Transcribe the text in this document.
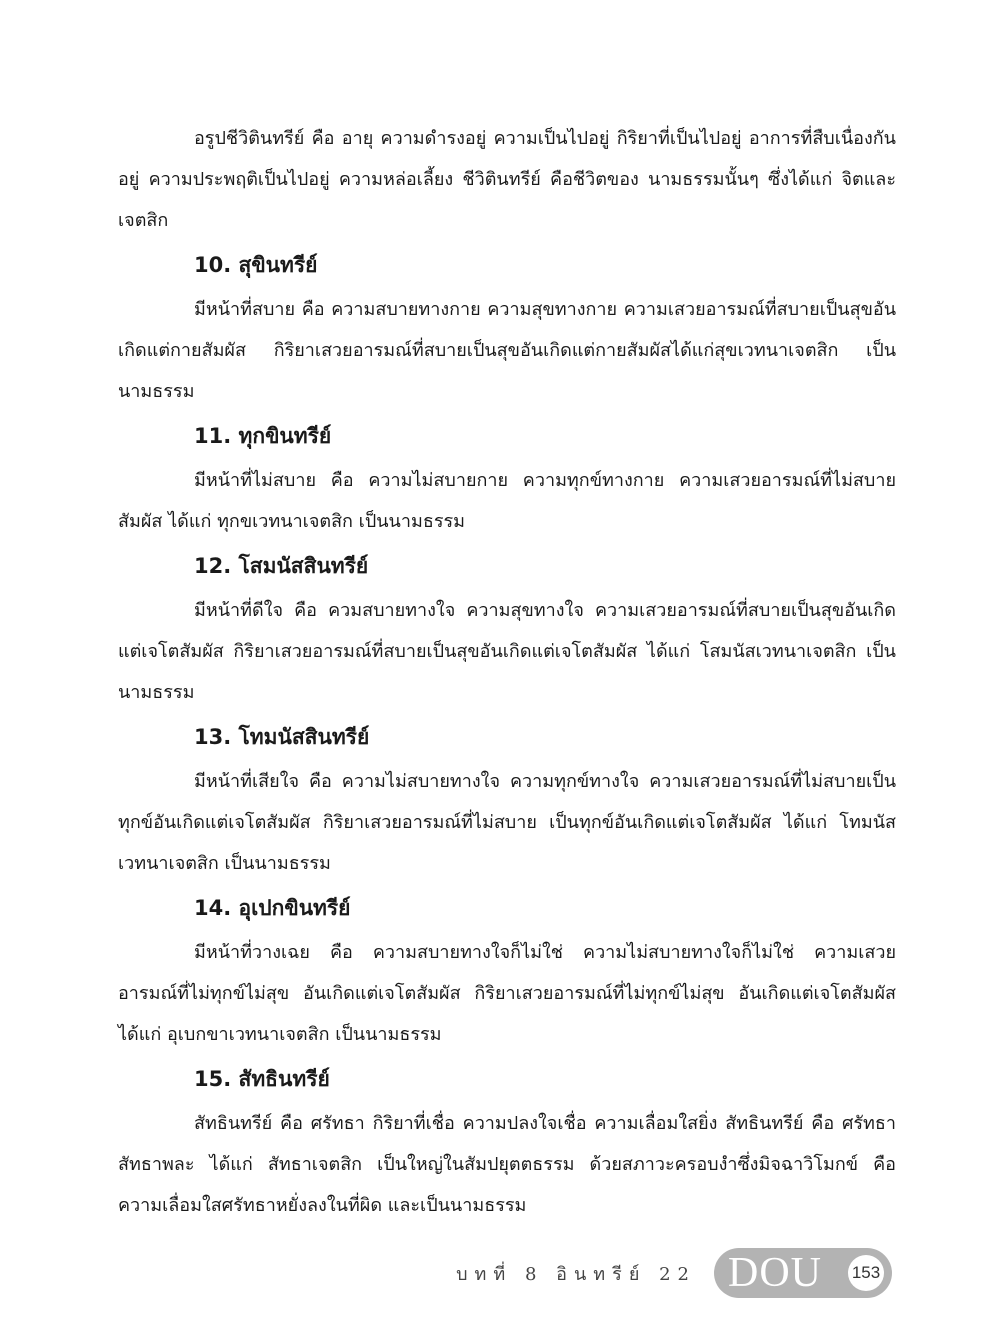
อรูปชีวิตินทรีย์ คือ อายุ ความดำรงอยู่ ความเป็นไปอยู่ กิริยาที่เป็นไปอยู่ อาการที่สืบเนื่องกันอยู่ ความประพฤติเป็นไปอยู่ ความหล่อเลี้ยง ชีวิตินทรีย์ คือชีวิตของ นามธรรมนั้นๆ ซึ่งได้แก่ จิตและเจตสิก

10. สุขินทรีย์

มีหน้าที่สบาย คือ ความสบายทางกาย ความสุขทางกาย ความเสวยอารมณ์ที่สบายเป็นสุขอันเกิดแต่กายสัมผัส กิริยาเสวยอารมณ์ที่สบายเป็นสุขอันเกิดแต่กายสัมผัสได้แก่สุขเวทนาเจตสิก เป็นนามธรรม

11. ทุกขินทรีย์

มีหน้าที่ไม่สบาย คือ ความไม่สบายกาย ความทุกข์ทางกาย ความเสวยอารมณ์ที่ไม่สบายสัมผัส ได้แก่ ทุกขเวทนาเจตสิก เป็นนามธรรม

12. โสมนัสสินทรีย์

มีหน้าที่ดีใจ คือ ควมสบายทางใจ ความสุขทางใจ ความเสวยอารมณ์ที่สบายเป็นสุขอันเกิดแต่เจโตสัมผัส กิริยาเสวยอารมณ์ที่สบายเป็นสุขอันเกิดแต่เจโตสัมผัส ได้แก่ โสมนัสเวทนาเจตสิก เป็นนามธรรม

13. โทมนัสสินทรีย์

มีหน้าที่เสียใจ คือ ความไม่สบายทางใจ ความทุกข์ทางใจ ความเสวยอารมณ์ที่ไม่สบายเป็นทุกข์อันเกิดแต่เจโตสัมผัส กิริยาเสวยอารมณ์ที่ไม่สบาย เป็นทุกข์อันเกิดแต่เจโตสัมผัส ได้แก่ โทมนัสเวทนาเจตสิก เป็นนามธรรม

14. อุเปกขินทรีย์

มีหน้าที่วางเฉย คือ ความสบายทางใจก็ไม่ใช่ ความไม่สบายทางใจก็ไม่ใช่ ความเสวยอารมณ์ที่ไม่ทุกข์ไม่สุข อันเกิดแต่เจโตสัมผัส กิริยาเสวยอารมณ์ที่ไม่ทุกข์ไม่สุข อันเกิดแต่เจโตสัมผัส ได้แก่ อุเบกขาเวทนาเจตสิก เป็นนามธรรม

15. สัทธินทรีย์

สัทธินทรีย์ คือ ศรัทธา กิริยาที่เชื่อ ความปลงใจเชื่อ ความเลื่อมใสยิ่ง สัทธินทรีย์ คือ ศรัทธา สัทธาพละ ได้แก่ สัทธาเจตสิก เป็นใหญ่ในสัมปยุตตธรรม ด้วยสภาวะครอบงำซึ่งมิจฉาวิโมกข์ คือ ความเลื่อมใสศรัทธาหยั่งลงในที่ผิด และเป็นนามธรรม

บทที่ 8 อินทรีย์ 22 DOU 153
